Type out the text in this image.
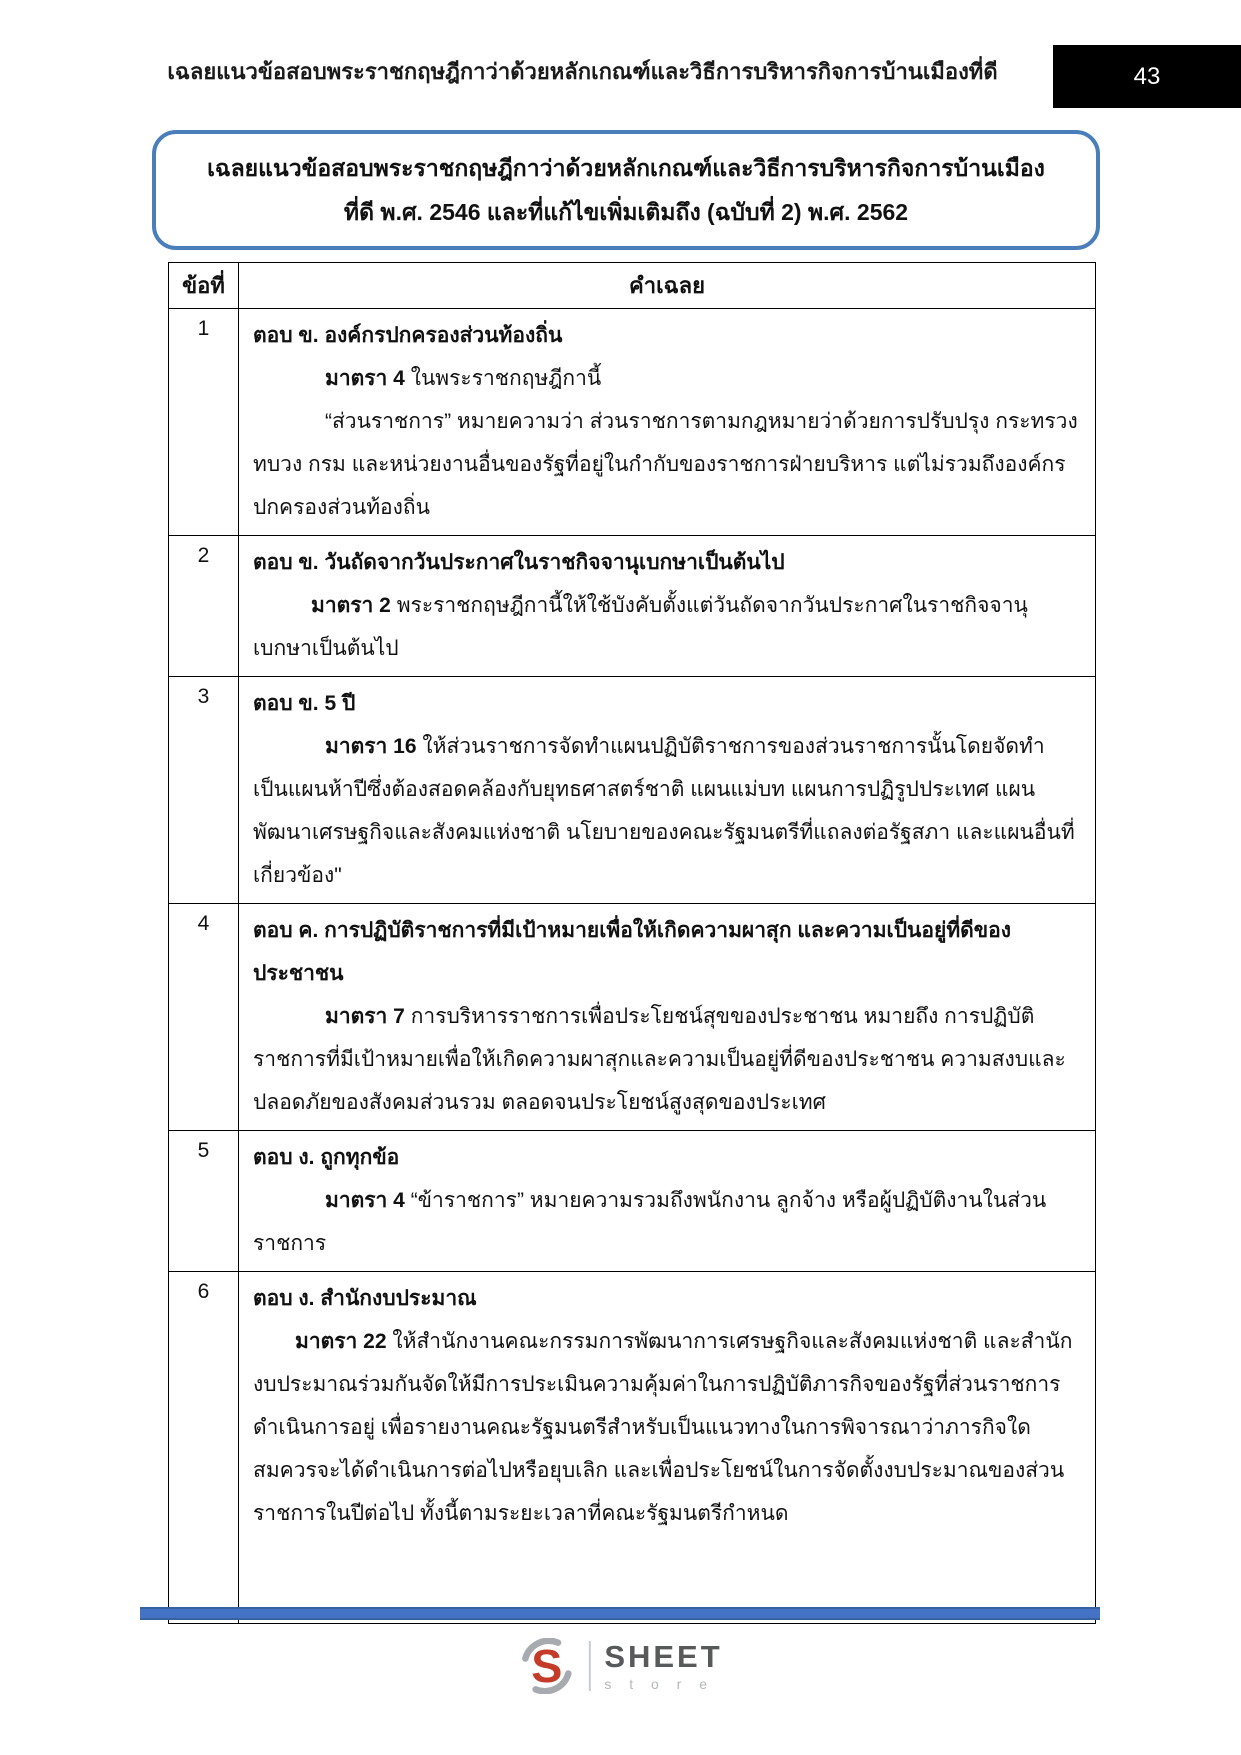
เฉลยแนวข้อสอบพระราชกฤษฎีกาว่าด้วยหลักเกณฑ์และวิธีการบริหารกิจการบ้านเมืองที่ดี	43
เฉลยแนวข้อสอบพระราชกฤษฎีกาว่าด้วยหลักเกณฑ์และวิธีการบริหารกิจการบ้านเมืองที่ดี พ.ศ. 2546 และที่แก้ไขเพิ่มเติมถึง (ฉบับที่ 2) พ.ศ. 2562
ข้อที่	คำเฉลย
1	ตอบ ข. องค์กรปกครองส่วนท้องถิ่น

มาตรา 4 ในพระราชกฤษฎีกานี้

“ส่วนราชการ” หมายความว่า ส่วนราชการตามกฎหมายว่าด้วยการปรับปรุง กระทรวง ทบวง กรม และหน่วยงานอื่นของรัฐที่อยู่ในกำกับของราชการฝ่ายบริหาร แต่ไม่รวมถึงองค์กรปกครองส่วนท้องถิ่น

2	ตอบ ข. วันถัดจากวันประกาศในราชกิจจานุเบกษาเป็นต้นไป

มาตรา 2 พระราชกฤษฎีกานี้ให้ใช้บังคับตั้งแต่วันถัดจากวันประกาศในราชกิจจานุเบกษาเป็นต้นไป

3	ตอบ ข. 5 ปี

มาตรา 16 ให้ส่วนราชการจัดทำแผนปฏิบัติราชการของส่วนราชการนั้นโดยจัดทำเป็นแผนห้าปีซึ่งต้องสอดคล้องกับยุทธศาสตร์ชาติ แผนแม่บท แผนการปฏิรูปประเทศ แผนพัฒนาเศรษฐกิจและสังคมแห่งชาติ นโยบายของคณะรัฐมนตรีที่แถลงต่อรัฐสภา และแผนอื่นที่เกี่ยวข้อง"

4	ตอบ ค. การปฏิบัติราชการที่มีเป้าหมายเพื่อให้เกิดความผาสุก และความเป็นอยู่ที่ดีของประชาชน

มาตรา 7 การบริหารราชการเพื่อประโยชน์สุขของประชาชน หมายถึง การปฏิบัติราชการที่มีเป้าหมายเพื่อให้เกิดความผาสุกและความเป็นอยู่ที่ดีของประชาชน ความสงบและปลอดภัยของสังคมส่วนรวม ตลอดจนประโยชน์สูงสุดของประเทศ

5	ตอบ ง. ถูกทุกข้อ

มาตรา 4 “ข้าราชการ” หมายความรวมถึงพนักงาน ลูกจ้าง หรือผู้ปฏิบัติงานในส่วนราชการ

6	ตอบ ง. สำนักงบประมาณ

มาตรา 22 ให้สำนักงานคณะกรรมการพัฒนาการเศรษฐกิจและสังคมแห่งชาติ และสำนักงบประมาณร่วมกันจัดให้มีการประเมินความคุ้มค่าในการปฏิบัติภารกิจของรัฐที่ส่วนราชการดำเนินการอยู่ เพื่อรายงานคณะรัฐมนตรีสำหรับเป็นแนวทางในการพิจารณาว่าภารกิจใดสมควรจะได้ดำเนินการต่อไปหรือยุบเลิก และเพื่อประโยชน์ในการจัดตั้งงบประมาณของส่วนราชการในปีต่อไป ทั้งนี้ตามระยะเวลาที่คณะรัฐมนตรีกำหนด

S SHEET
s t o r e
